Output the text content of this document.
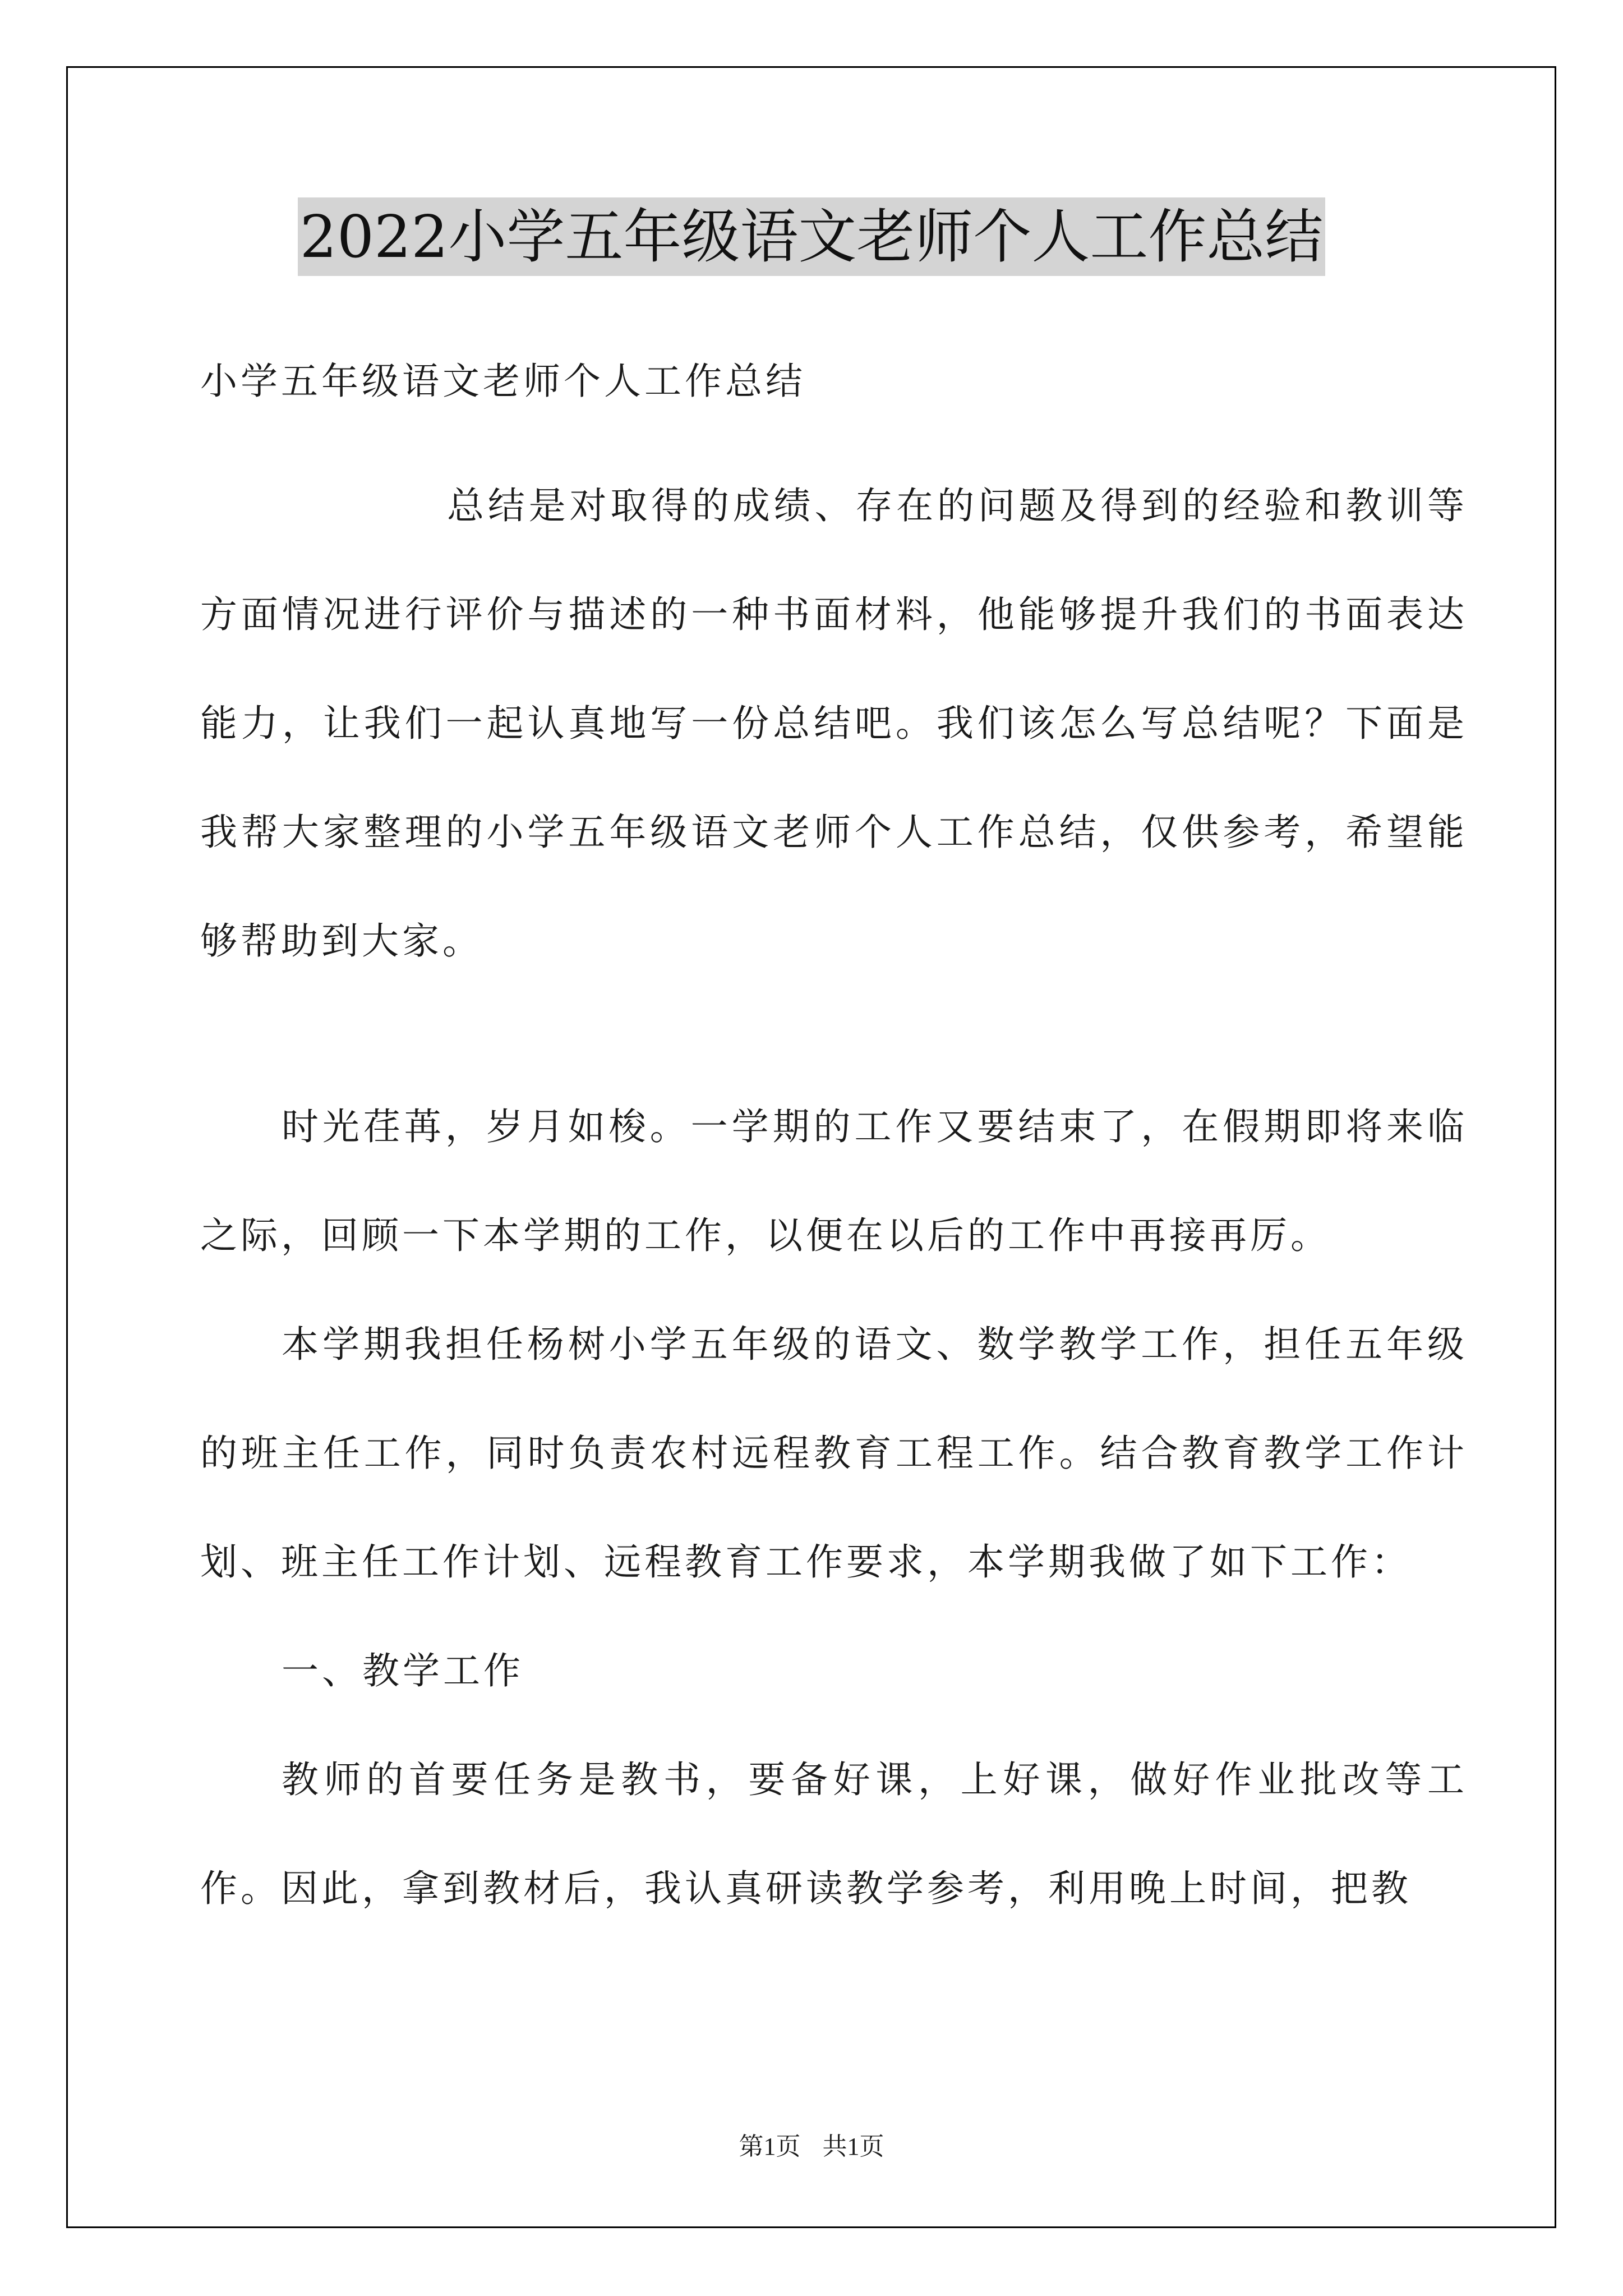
2022小学五年级语文老师个人工作总结
小学五年级语文老师个人工作总结

总结是对取得的成绩、存在的问题及得到的经验和教训等方面情况进行评价与描述的一种书面材料，他能够提升我们的书面表达能力，让我们一起认真地写一份总结吧。我们该怎么写总结呢？下面是我帮大家整理的小学五年级语文老师个人工作总结，仅供参考，希望能够帮助到大家。

时光荏苒，岁月如梭。一学期的工作又要结束了，在假期即将来临之际，回顾一下本学期的工作，以便在以后的工作中再接再厉。

本学期我担任杨树小学五年级的语文、数学教学工作，担任五年级的班主任工作，同时负责农村远程教育工程工作。结合教育教学工作计划、班主任工作计划、远程教育工作要求，本学期我做了如下工作：

一、教学工作

教师的首要任务是教书，要备好课，上好课，做好作业批改等工作。因此，拿到教材后，我认真研读教学参考，利用晚上时间，把教

第1页 共1页
